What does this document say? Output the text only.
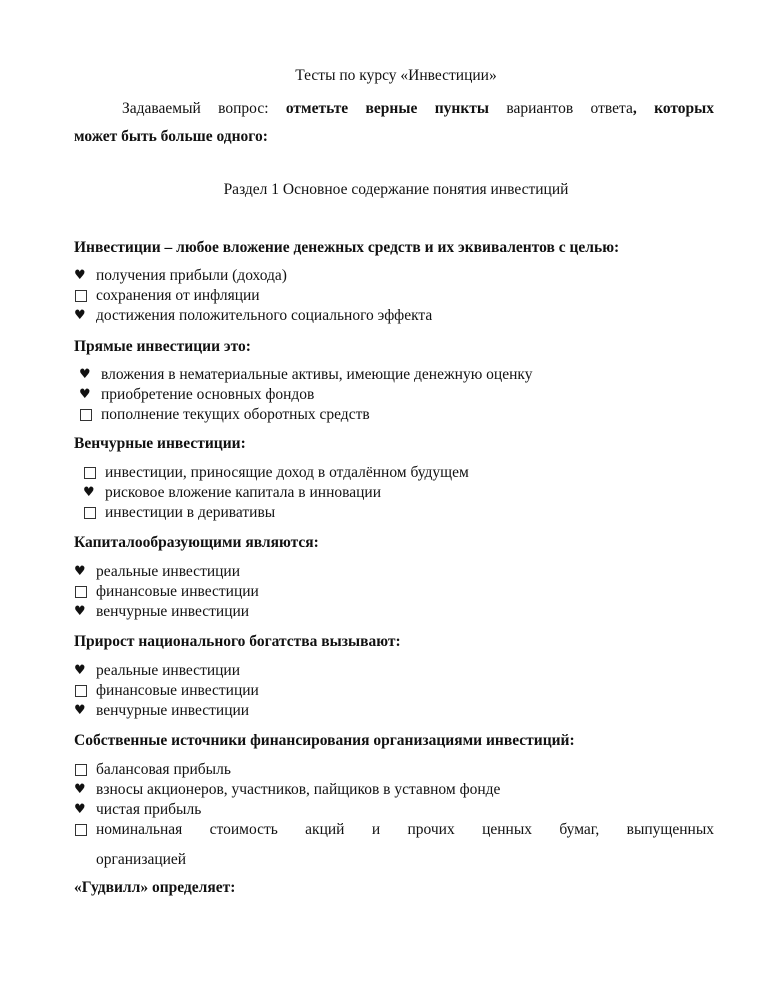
Тесты по курсу «Инвестиции»
Задаваемый вопрос: отметьте верные пункты вариантов ответа, которых
может быть больше одного:
Раздел 1 Основное содержание понятия инвестиций
Инвестиции – любое вложение денежных средств и их эквивалентов с целью:
♥ получения прибыли (дохода)
сохранения от инфляции
♥ достижения положительного социального эффекта
Прямые инвестиции это:
♥ вложения в нематериальные активы, имеющие денежную оценку
♥ приобретение основных фондов
пополнение текущих оборотных средств
Венчурные инвестиции:
инвестиции, приносящие доход в отдалённом будущем
♥ рисковое вложение капитала в инновации
инвестиции в деривативы
Капиталообразующими являются:
♥ реальные инвестиции
финансовые инвестиции
♥ венчурные инвестиции
Прирост национального богатства вызывают:
♥ реальные инвестиции
финансовые инвестиции
♥ венчурные инвестиции
Собственные источники финансирования организациями инвестиций:
балансовая прибыль
♥ взносы акционеров, участников, пайщиков в уставном фонде
♥ чистая прибыль
номинальная стоимость акций и прочих ценных бумаг, выпущенных
организацией
«Гудвилл» определяет:
